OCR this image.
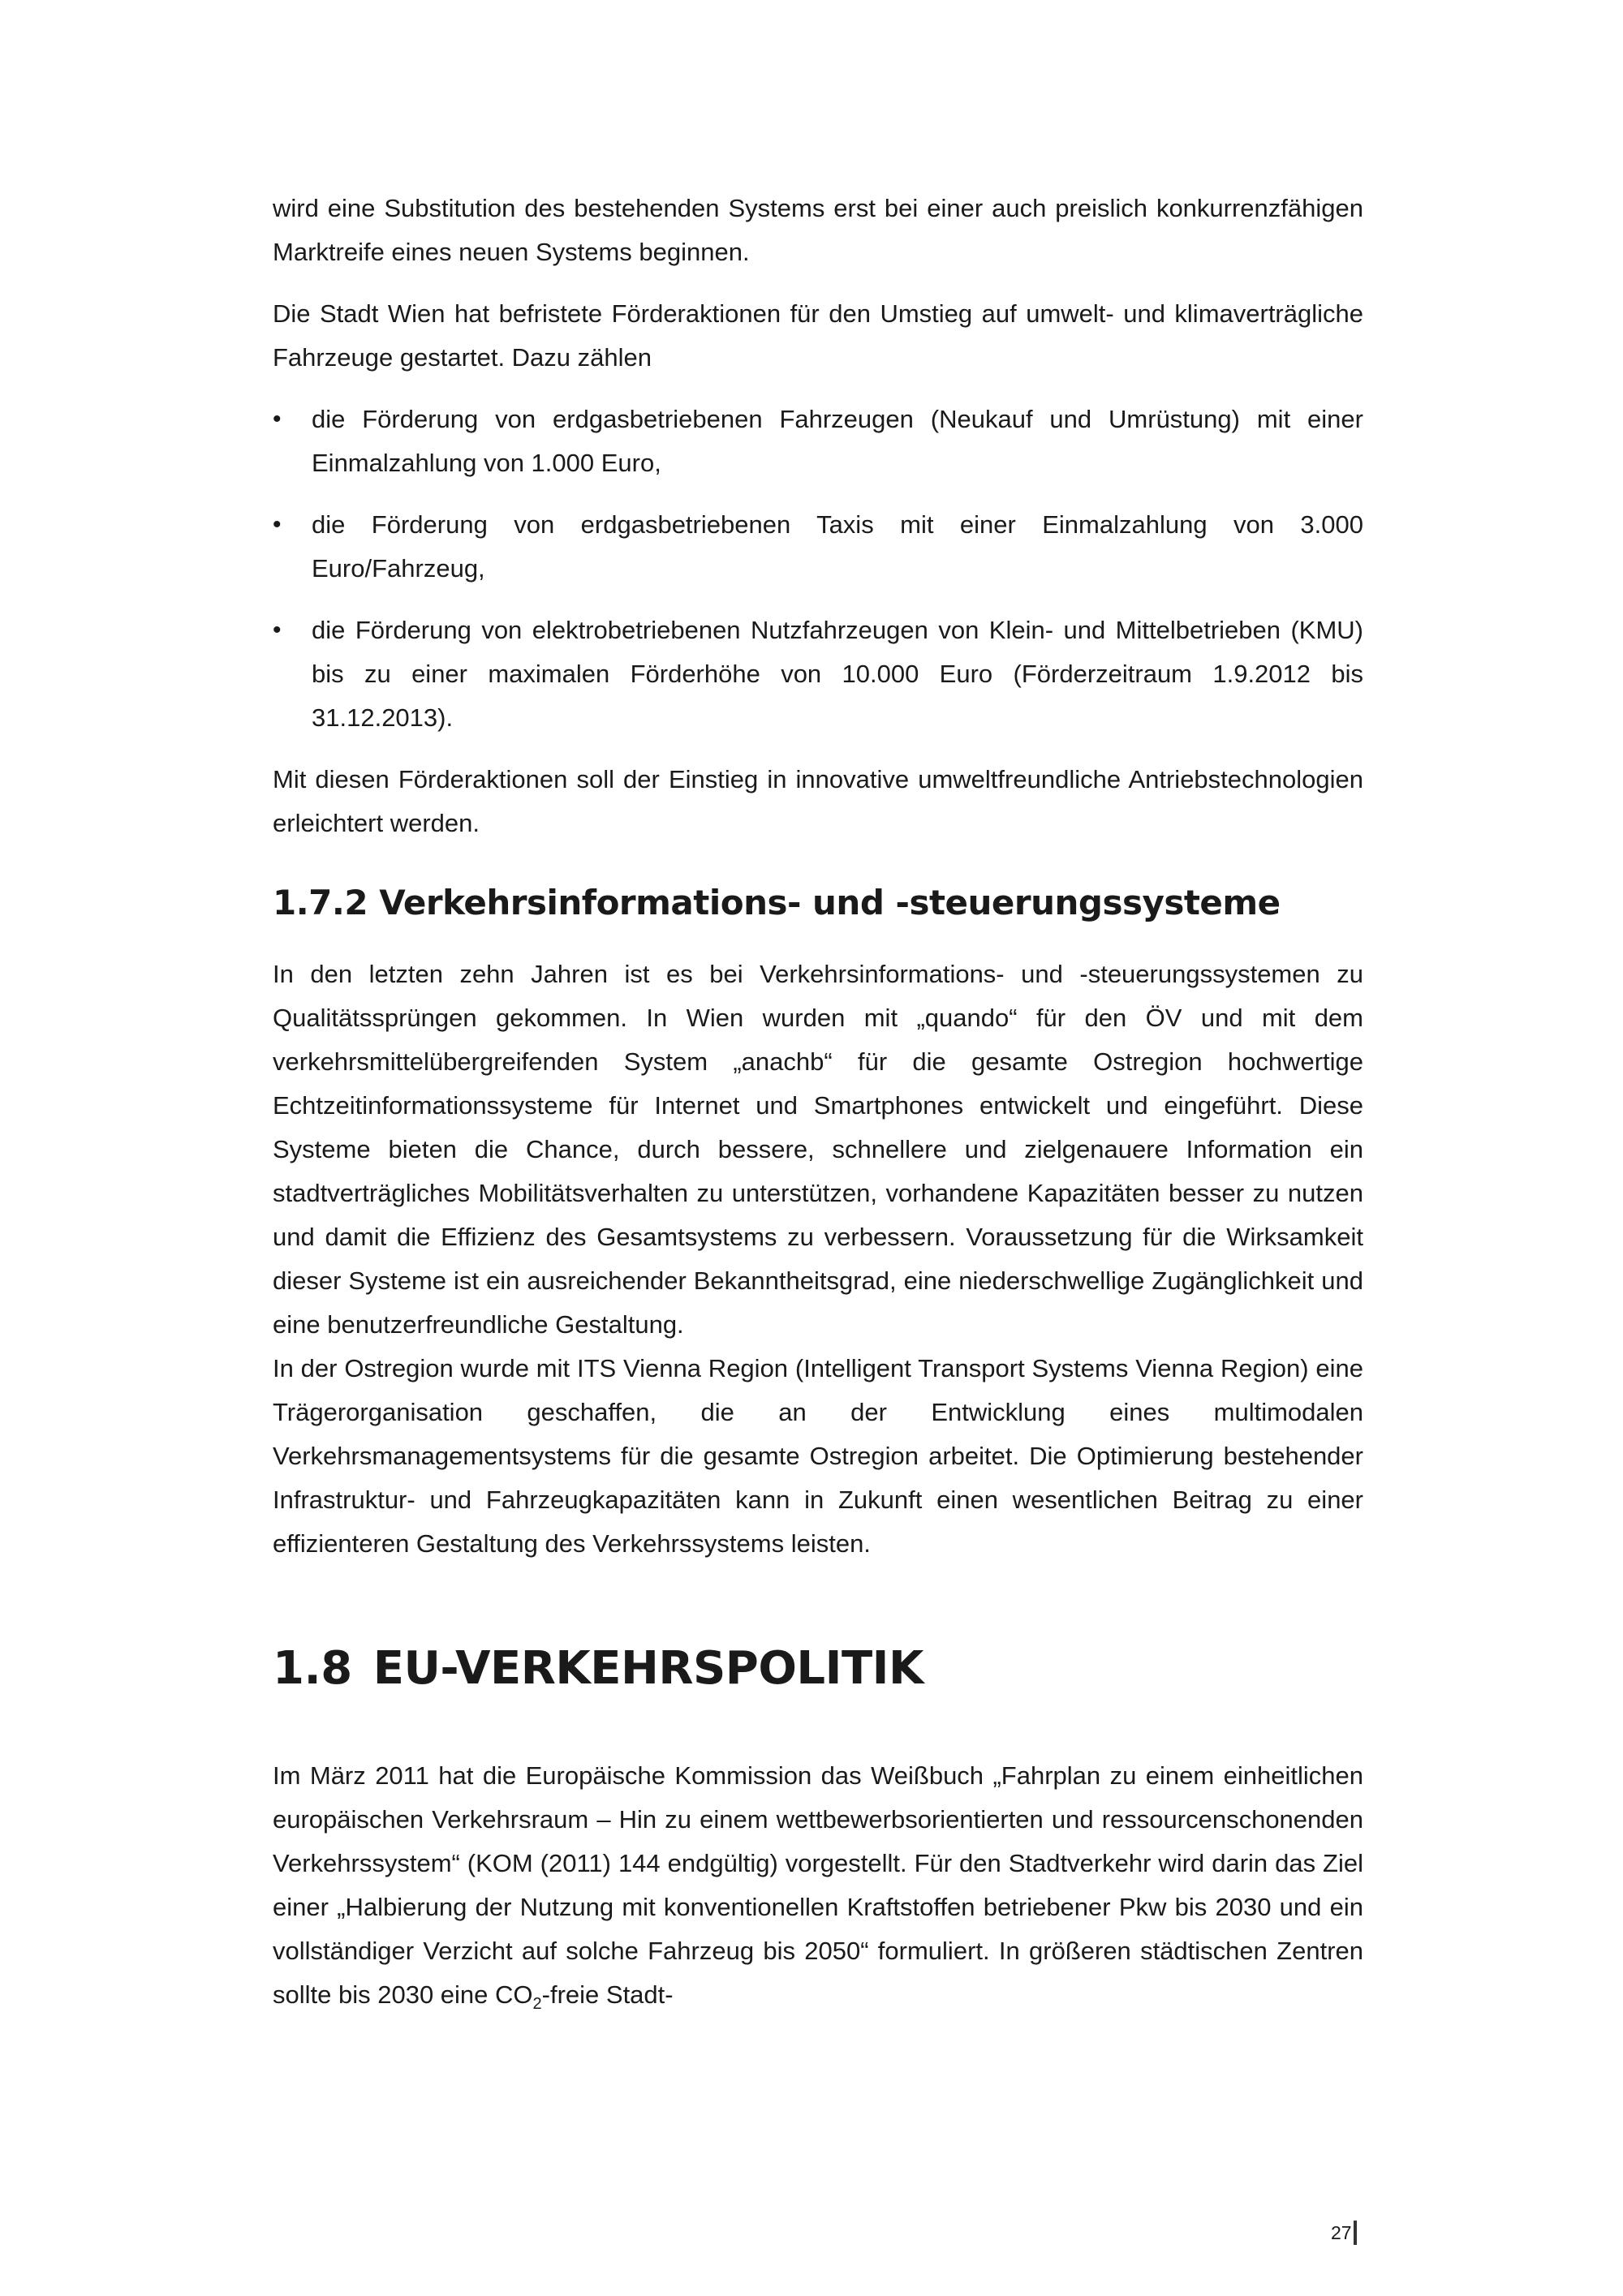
wird eine Substitution des bestehenden Systems erst bei einer auch preislich konkurrenzfähigen Marktreife eines neuen Systems beginnen.

Die Stadt Wien hat befristete Förderaktionen für den Umstieg auf umwelt- und klimaverträgliche Fahrzeuge gestartet. Dazu zählen

•	die Förderung von erdgasbetriebenen Fahrzeugen (Neukauf und Umrüstung) mit einer Einmalzahlung von 1.000 Euro,
•	die Förderung von erdgasbetriebenen Taxis mit einer Einmalzahlung von 3.000 Euro/Fahrzeug,
•	die Förderung von elektrobetriebenen Nutzfahrzeugen von Klein- und Mittelbetrieben (KMU) bis zu einer maximalen Förderhöhe von 10.000 Euro (Förderzeitraum 1.9.2012 bis 31.12.2013).

Mit diesen Förderaktionen soll der Einstieg in innovative umweltfreundliche Antriebstechnologien erleichtert werden.

1.7.2 Verkehrsinformations- und -steuerungssysteme

In den letzten zehn Jahren ist es bei Verkehrsinformations- und -steuerungssystemen zu Qualitätssprüngen gekommen. In Wien wurden mit „quando“ für den ÖV und mit dem verkehrsmittelübergreifenden System „anachb“ für die gesamte Ostregion hochwertige Echtzeitinformationssysteme für Internet und Smartphones entwickelt und eingeführt. Diese Systeme bieten die Chance, durch bessere, schnellere und zielgenauere Information ein stadtverträgliches Mobilitätsverhalten zu unterstützen, vorhandene Kapazitäten besser zu nutzen und damit die Effizienz des Gesamtsystems zu verbessern. Voraussetzung für die Wirksamkeit dieser Systeme ist ein ausreichender Bekanntheitsgrad, eine niederschwellige Zugänglichkeit und eine benutzerfreundliche Gestaltung.

In der Ostregion wurde mit ITS Vienna Region (Intelligent Transport Systems Vienna Region) eine Trägerorganisation geschaffen, die an der Entwicklung eines multimodalen Verkehrsmanagementsystems für die gesamte Ostregion arbeitet. Die Optimierung bestehender Infrastruktur- und Fahrzeugkapazitäten kann in Zukunft einen wesentlichen Beitrag zu einer effizienteren Gestaltung des Verkehrssystems leisten.

1.8 EU-VERKEHRSPOLITIK

Im März 2011 hat die Europäische Kommission das Weißbuch „Fahrplan zu einem einheitlichen europäischen Verkehrsraum – Hin zu einem wettbewerbsorientierten und ressourcenschonenden Verkehrssystem“ (KOM (2011) 144 endgültig) vorgestellt. Für den Stadtverkehr wird darin das Ziel einer „Halbierung der Nutzung mit konventionellen Kraftstoffen betriebener Pkw bis 2030 und ein vollständiger Verzicht auf solche Fahrzeug bis 2050“ formuliert. In größeren städtischen Zentren sollte bis 2030 eine $CO_2$-freie Stadt-

27
